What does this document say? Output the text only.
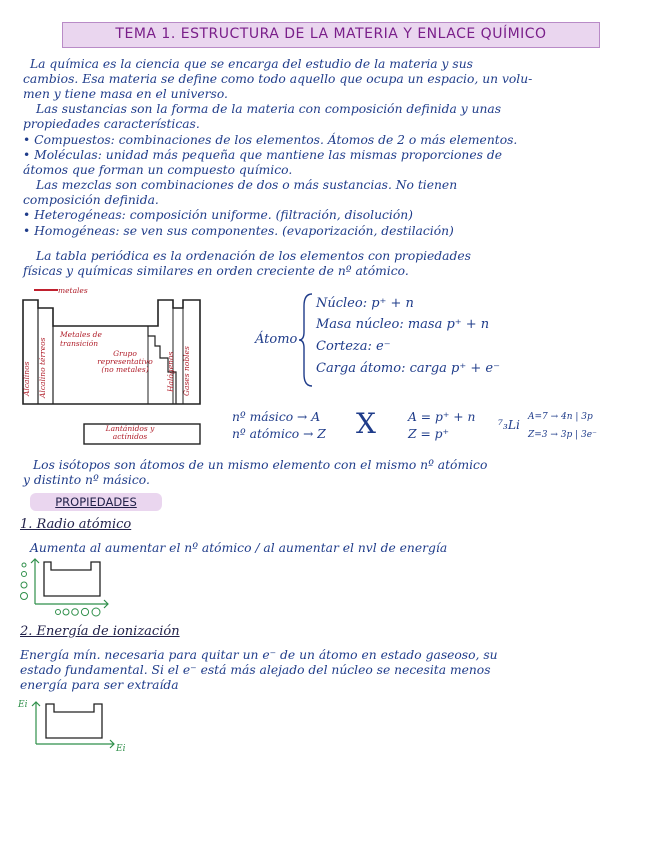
TEMA 1. ESTRUCTURA DE LA MATERIA Y ENLACE QUÍMICO
La química es la ciencia que se encarga del estudio de la materia y sus
cambios. Esa materia se define como todo aquello que ocupa un espacio, un volu-
men y tiene masa en el universo.
Las sustancias son la forma de la materia con composición definida y unas
propiedades características.
• Compuestos: combinaciones de los elementos. Átomos de 2 o más elementos.
• Moléculas: unidad más pequeña que mantiene las mismas proporciones de
átomos que forman un compuesto químico.
Las mezclas son combinaciones de dos o más sustancias. No tienen
composición definida.
• Heterogéneas: composición uniforme. (filtración, disolución)
• Homogéneas: se ven sus componentes. (evaporización, destilación)
La tabla periódica es la ordenación de los elementos con propiedades
físicas y químicas similares en orden creciente de nº atómico.
metales
Alcalinos Alcalino térreos
Metales de transición
Grupo representativo (no metales)	Halógenos Gases nobles
Lantánidos y actínidos
Átomo
Núcleo: p⁺ + n
Masa núcleo: masa p⁺ + n
Corteza: e⁻
Carga átomo: carga p⁺ + e⁻
nº másico → A
nº atómico → Z X	A = p⁺ + n
Z = p⁺
⁷₃Li
A=7 → 4n | 3p
Z=3 → 3p | 3e⁻
Los isótopos son átomos de un mismo elemento con el mismo nº atómico
y distinto nº másico.
PROPIEDADES
1. Radio atómico
Aumenta al aumentar el nº atómico / al aumentar el nvl de energía
2. Energía de ionización
Energía mín. necesaria para quitar un e⁻ de un átomo en estado gaseoso, su
estado fundamental. Si el e⁻ está más alejado del núcleo se necesita menos
energía para ser extraída
Ei
Ei
